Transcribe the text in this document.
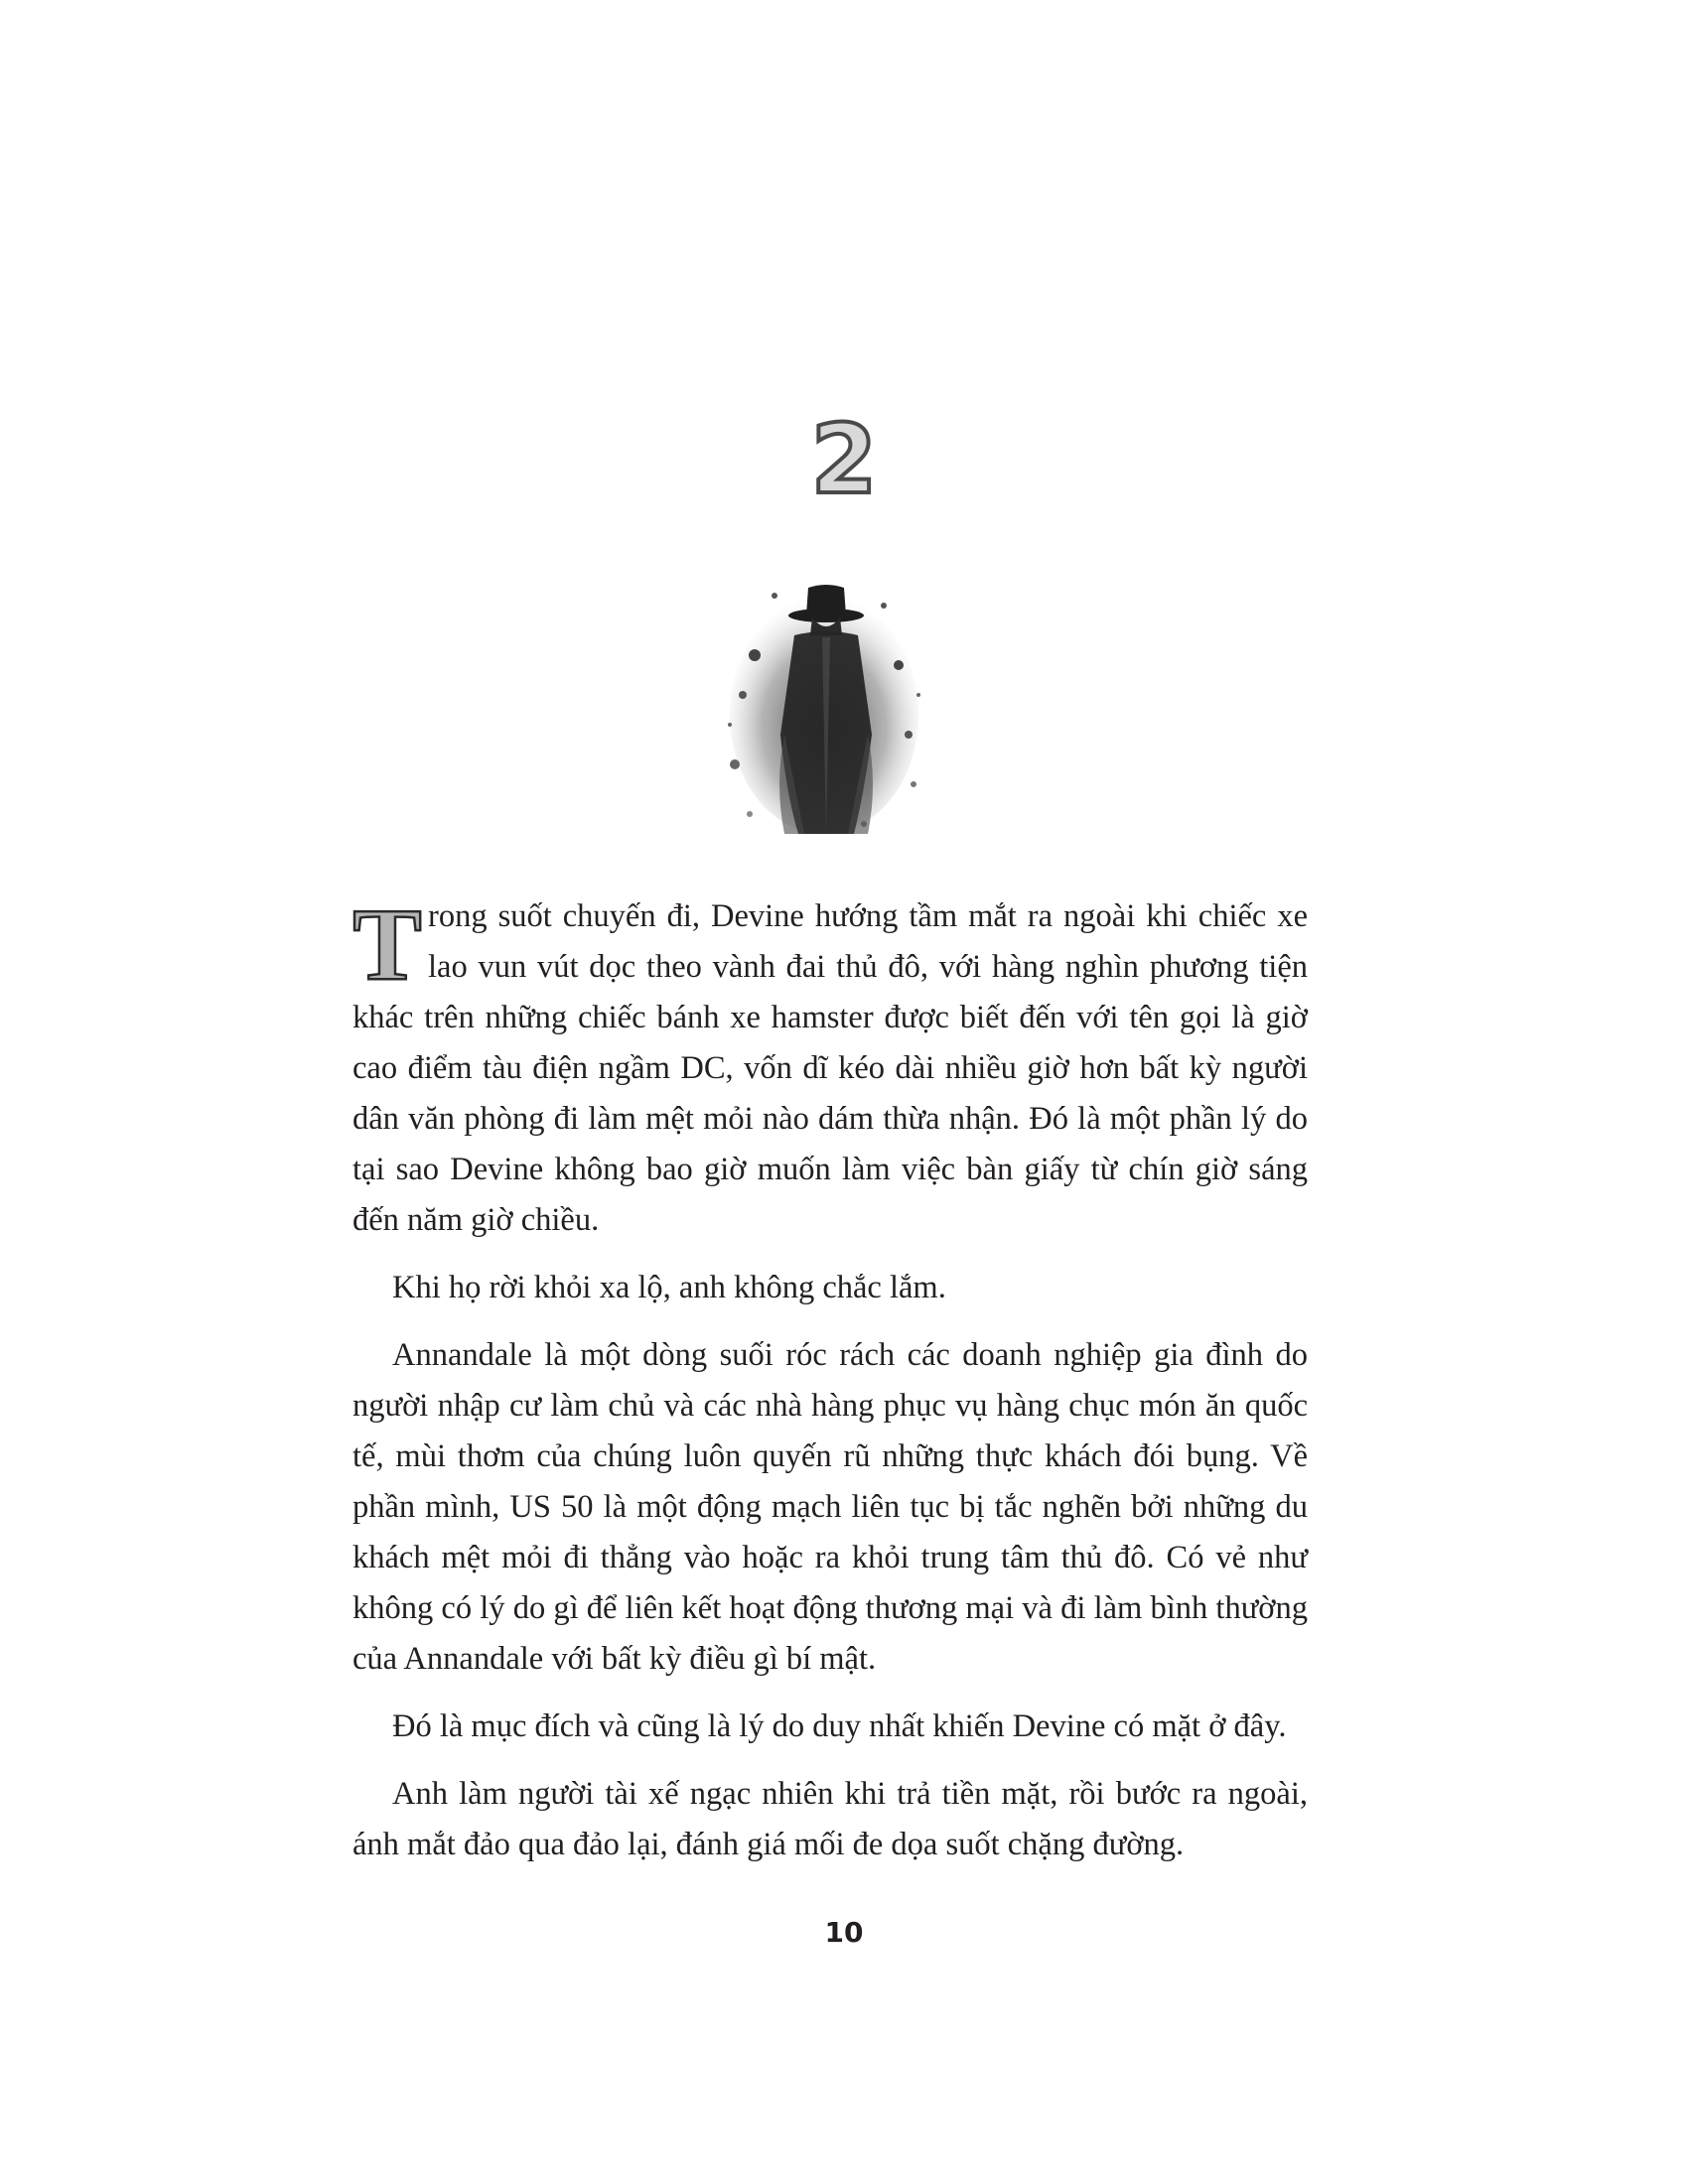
2

T rong suốt chuyến đi, Devine hướng tầm mắt ra ngoài khi chiếc xe lao vun vút dọc theo vành đai thủ đô, với hàng nghìn phương tiện khác trên những chiếc bánh xe hamster được biết đến với tên gọi là giờ cao điểm tàu điện ngầm DC, vốn dĩ kéo dài nhiều giờ hơn bất kỳ người dân văn phòng đi làm mệt mỏi nào dám thừa nhận. Đó là một phần lý do tại sao Devine không bao giờ muốn làm việc bàn giấy từ chín giờ sáng đến năm giờ chiều.

Khi họ rời khỏi xa lộ, anh không chắc lắm.

Annandale là một dòng suối róc rách các doanh nghiệp gia đình do người nhập cư làm chủ và các nhà hàng phục vụ hàng chục món ăn quốc tế, mùi thơm của chúng luôn quyến rũ những thực khách đói bụng. Về phần mình, US 50 là một động mạch liên tục bị tắc nghẽn bởi những du khách mệt mỏi đi thẳng vào hoặc ra khỏi trung tâm thủ đô. Có vẻ như không có lý do gì để liên kết hoạt động thương mại và đi làm bình thường của Annandale với bất kỳ điều gì bí mật.

Đó là mục đích và cũng là lý do duy nhất khiến Devine có mặt ở đây.

Anh làm người tài xế ngạc nhiên khi trả tiền mặt, rồi bước ra ngoài, ánh mắt đảo qua đảo lại, đánh giá mối đe dọa suốt chặng đường.

10
